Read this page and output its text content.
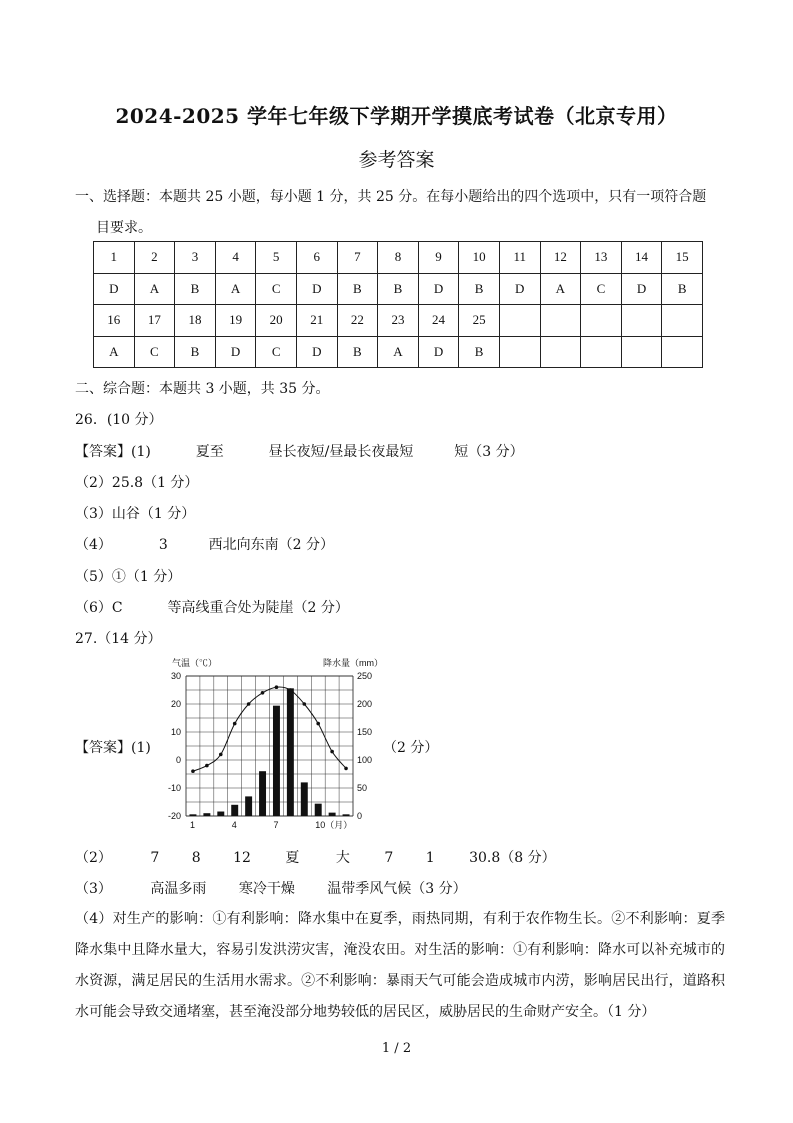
2024-2025 学年七年级下学期开学摸底考试卷（北京专用）
参考答案
一、选择题：本题共 25 小题，每小题 1 分，共 25 分。在每小题给出的四个选项中，只有一项符合题
目要求。
1	2	3	4	5	6	7	8	9	10	11	12	13	14	15
D	A	B	A	C	D	B	B	D	B	D	A	C	D	B
16	17	18	19	20	21	22	23	24	25					
A	C	B	D	C	D	B	A	D	B					
二、综合题：本题共 3 小题，共 35 分。
26．(10 分）
【答案】(1)	夏至	昼长夜短/昼最长夜最短	短（3 分）
（2）25.8（1 分）
（3）山谷（1 分）
（4）	3	西北向东南（2 分）
（5）①（1 分）
（6）C	等高线重合处为陡崖（2 分）
27.（14 分）
【答案】(1)	（2 分）
气温（℃）	降水量（mm）
30
20
10
0
-10
-20
250
200
150
100
50
0
1	4	7	10（月）
（2）	7 8 12 夏	大 7 1 30.8（8 分）
（3）	高温多雨 寒冷干燥 温带季风气候（3 分）
（4）对生产的影响：①有利影响：降水集中在夏季，雨热同期，有利于农作物生长。②不利影响：夏季降水集中且降水量大，容易引发洪涝灾害，淹没农田。对生活的影响：①有利影响：降水可以补充城市的水资源，满足居民的生活用水需求。②不利影响：暴雨天气可能会造成城市内涝，影响居民出行，道路积水可能会导致交通堵塞，甚至淹没部分地势较低的居民区，威胁居民的生命财产安全。（1 分）
1 / 2
